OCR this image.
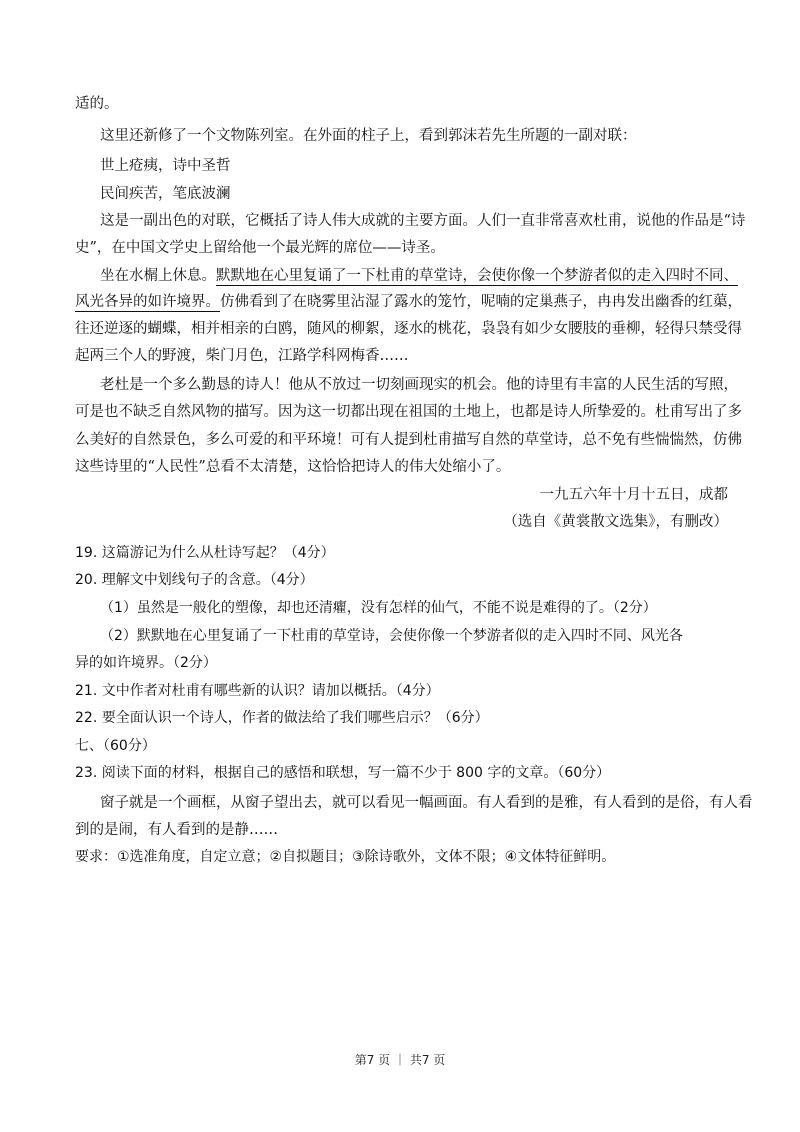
适的。
这里还新修了一个文物陈列室。在外面的柱子上，看到郭沫若先生所题的一副对联：
世上疮痍，诗中圣哲
民间疾苦，笔底波澜
这是一副出色的对联，它概括了诗人伟大成就的主要方面。人们一直非常喜欢杜甫，说他的作品是“诗
史”，在中国文学史上留给他一个最光辉的席位——诗圣。
坐在水榍上休息。默默地在心里复诵了一下杜甫的草堂诗，会使你像一个梦游者似的走入四时不同、
风光各异的如许境界。仿佛看到了在晓雾里沾湿了露水的笼竹，呢喃的定巢燕子，冉冉发出幽香的红蕖，
往还逆逐的蝴蝶，相并相亲的白鸥，随风的柳絮，逐水的桃花，袅袅有如少女腰肢的垂柳，轻得只禁受得
起两三个人的野渡，柴门月色，江路学科网梅香……
老杜是一个多么勤恳的诗人！他从不放过一切刻画现实的机会。他的诗里有丰富的人民生活的写照，
可是也不缺乏自然风物的描写。因为这一切都出现在祖国的土地上，也都是诗人所挚爱的。杜甫写出了多
么美好的自然景色，多么可爱的和平环境！可有人提到杜甫描写自然的草堂诗，总不免有些惴惴然，仿佛
这些诗里的“人民性”总看不太清楚，这恰恰把诗人的伟大处缩小了。
一九五六年十月十五日，成都
（选自《黄裳散文选集》，有删改）
19. 这篇游记为什么从杜诗写起？（4分）
20. 理解文中划线句子的含意。（4分）
（1）虽然是一般化的塑像，却也还清癯，没有怎样的仙气，不能不说是难得的了。（2分）
（2）默默地在心里复诵了一下杜甫的草堂诗，会使你像一个梦游者似的走入四时不同、风光各
异的如许境界。（2分）
21. 文中作者对杜甫有哪些新的认识？请加以概括。（4分）
22. 要全面认识一个诗人，作者的做法给了我们哪些启示？（6分）
七、（60分）
23. 阅读下面的材料，根据自己的感悟和联想，写一篇不少于 800 字的文章。（60分）
窗子就是一个画框，从窗子望出去，就可以看见一幅画面。有人看到的是雅，有人看到的是俗，有人看
到的是闹，有人看到的是静……
要求：①选准角度，自定立意；②自拟题目；③除诗歌外，文体不限；④文体特征鲜明。
第7 页 ｜ 共7 页
